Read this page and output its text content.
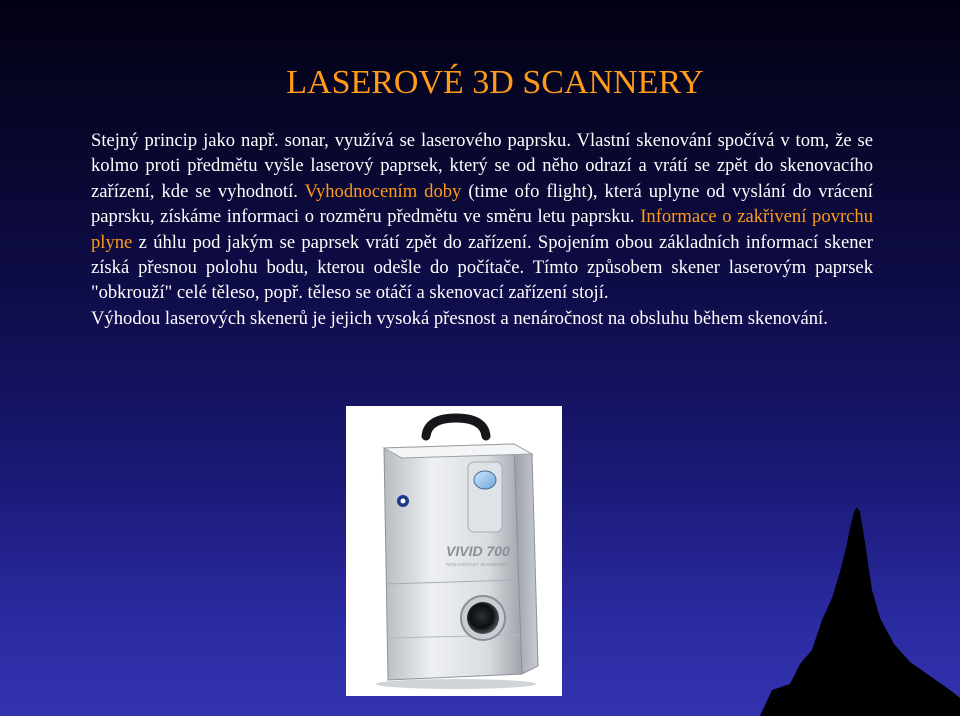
LASEROVÉ 3D SCANNERY

Stejný princip jako např. sonar, využívá se laserového paprsku. Vlastní skenování spočívá v tom, že se kolmo proti předmětu vyšle laserový paprsek, který se od něho odrazí a vrátí se zpět do skenovacího zařízení, kde se vyhodnotí. Vyhodnocením doby (time ofo flight), která uplyne od vyslání do vrácení paprsku, získáme informaci o rozměru předmětu ve směru letu paprsku. Informace o zakřivení povrchu plyne z úhlu pod jakým se paprsek vrátí zpět do zařízení. Spojením obou základních informací skener získá přesnou polohu bodu, kterou odešle do počítače. Tímto způsobem skener laserovým paprsek "obkrouží" celé těleso, popř. těleso se otáčí a skenovací zařízení stojí.

Výhodou laserových skenerů je jejich vysoká přesnost a nenáročnost na obsluhu během skenování.

VIVID 700
NON-CONTACT 3D DIGITIZER
